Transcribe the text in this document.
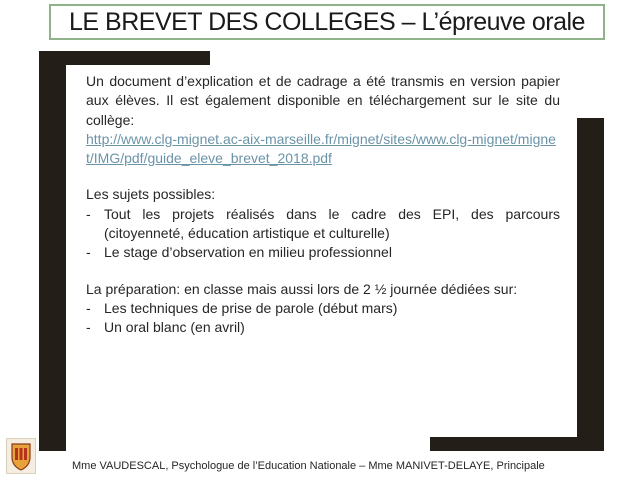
LE BREVET DES COLLEGES – L’épreuve orale

Un document d’explication et de cadrage a été transmis en version papier aux élèves. Il est également disponible en téléchargement sur le site du collège:

http://www.clg-mignet.ac-aix-marseille.fr/mignet/sites/www.clg-mignet/mignet/IMG/pdf/guide_eleve_brevet_2018.pdf

Les sujets possibles:

- Tout les projets réalisés dans le cadre des EPI, des parcours (citoyenneté, éducation artistique et culturelle)
- Le stage d’observation en milieu professionnel

La préparation: en classe mais aussi lors de 2 ½ journée dédiées sur:

- Les techniques de prise de parole (début mars)
- Un oral blanc (en avril)
Mme VAUDESCAL, Psychologue de l’Education Nationale – Mme MANIVET-DELAYE, Principale
